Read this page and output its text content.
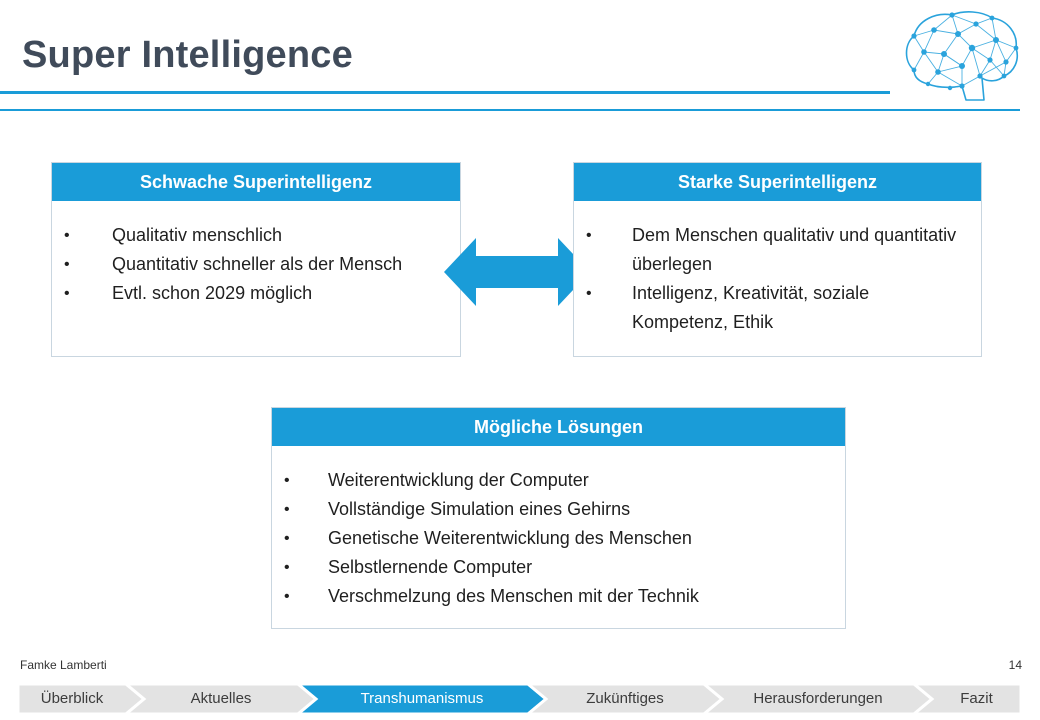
Super Intelligence
Schwache Superintelligenz
• Qualitativ menschlich
• Quantitativ schneller als der Mensch
• Evtl. schon 2029 möglich
Starke Superintelligenz
• Dem Menschen qualitativ und quantitativ überlegen
• Intelligenz, Kreativität, soziale Kompetenz, Ethik
Mögliche Lösungen
• Weiterentwicklung der Computer
• Vollständige Simulation eines Gehirns
• Genetische Weiterentwicklung des Menschen
• Selbstlernende Computer
• Verschmelzung des Menschen mit der Technik
Famke Lamberti	14
Überblick	Aktuelles	Transhumanismus	Zukünftiges	Herausforderungen	Fazit
